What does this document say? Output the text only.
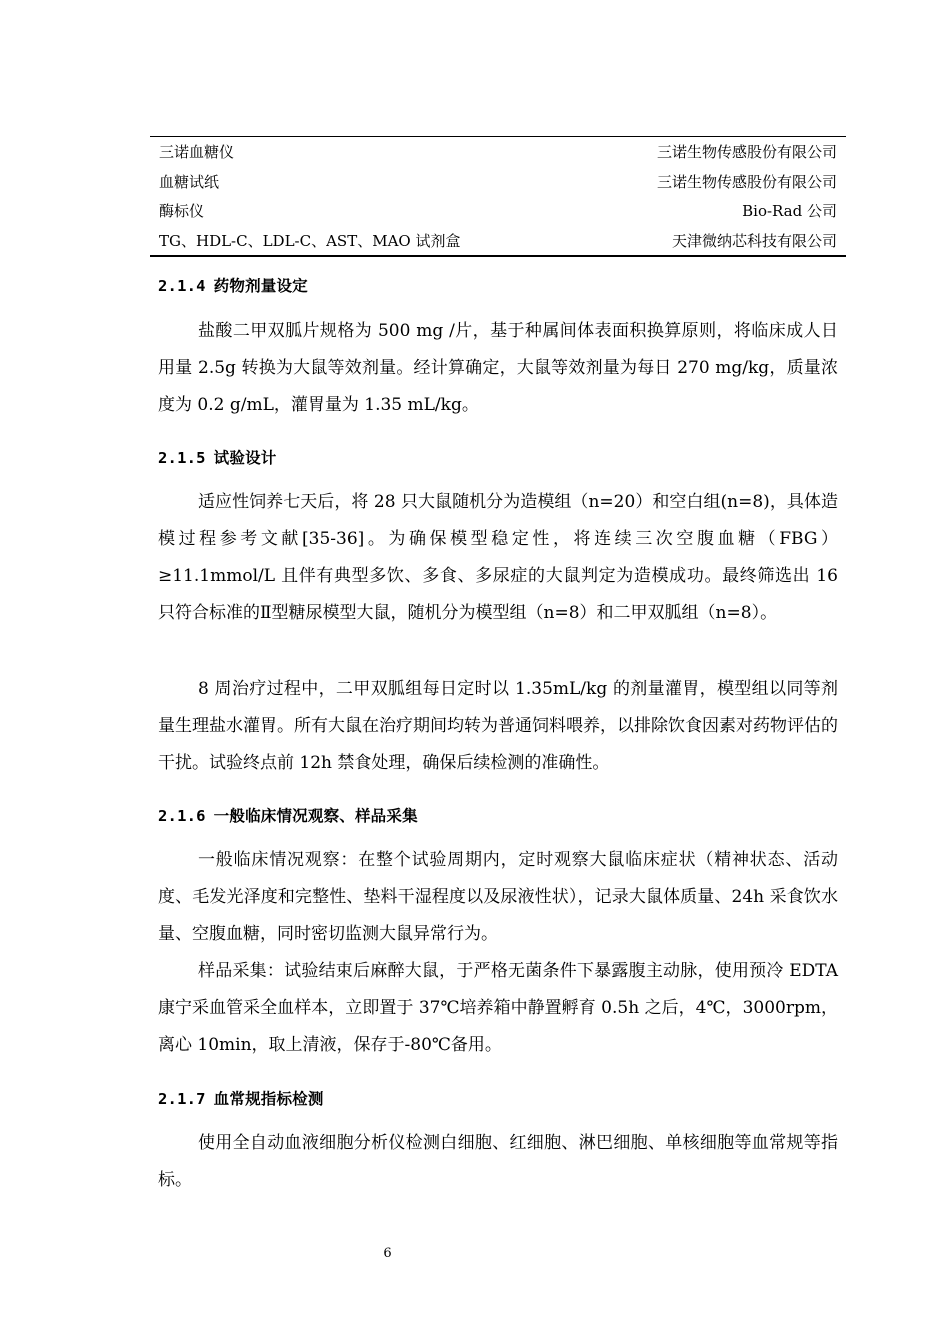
三诺血糖仪	三诺生物传感股份有限公司
血糖试纸	三诺生物传感股份有限公司
酶标仪	Bio-Rad 公司
TG、HDL-C、LDL-C、AST、MAO 试剂盒	天津微纳芯科技有限公司
2.1.4 药物剂量设定

盐酸二甲双胍片规格为 500 mg /片，基于种属间体表面积换算原则，将临床成人日用量 2.5g 转换为大鼠等效剂量。经计算确定，大鼠等效剂量为每日 270 mg/kg，质量浓度为 0.2 g/mL，灌胃量为 1.35 mL/kg。

2.1.5 试验设计

适应性饲养七天后，将 28 只大鼠随机分为造模组（n=20）和空白组(n=8)，具体造模过程参考文献[35-36]。为确保模型稳定性，将连续三次空腹血糖（FBG）≥11.1mmol/L 且伴有典型多饮、多食、多尿症的大鼠判定为造模成功。最终筛选出 16 只符合标准的Ⅱ型糖尿模型大鼠，随机分为模型组（n=8）和二甲双胍组（n=8）。

8 周治疗过程中，二甲双胍组每日定时以 1.35mL/kg 的剂量灌胃，模型组以同等剂量生理盐水灌胃。所有大鼠在治疗期间均转为普通饲料喂养，以排除饮食因素对药物评估的干扰。试验终点前 12h 禁食处理，确保后续检测的准确性。

2.1.6 一般临床情况观察、样品采集

一般临床情况观察：在整个试验周期内，定时观察大鼠临床症状（精神状态、活动度、毛发光泽度和完整性、垫料干湿程度以及尿液性状），记录大鼠体质量、24h 采食饮水量、空腹血糖，同时密切监测大鼠异常行为。

样品采集：试验结束后麻醉大鼠，于严格无菌条件下暴露腹主动脉，使用预冷 EDTA 康宁采血管采全血样本，立即置于 37℃培养箱中静置孵育 0.5h 之后，4℃，3000rpm，离心 10min，取上清液，保存于-80℃备用。

2.1.7 血常规指标检测

使用全自动血液细胞分析仪检测白细胞、红细胞、淋巴细胞、单核细胞等血常规等指标。

6
